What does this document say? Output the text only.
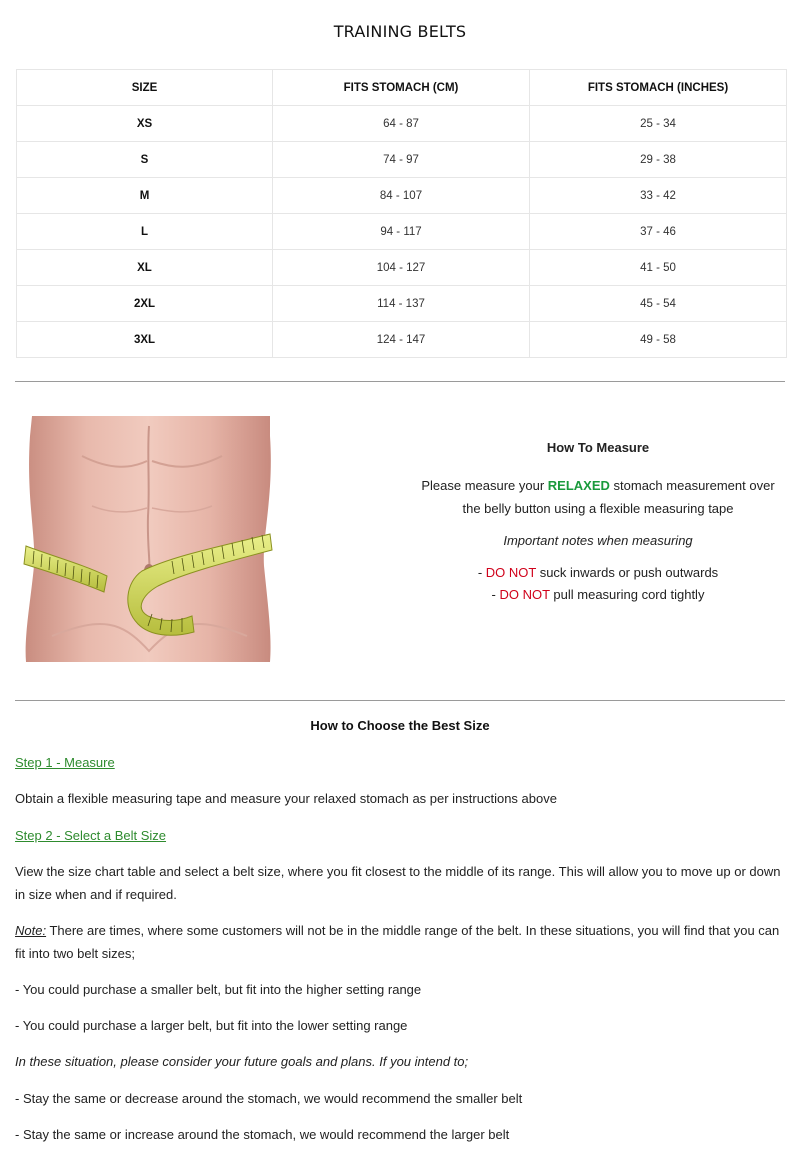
TRAINING BELTS
SIZE	FITS STOMACH (CM)	FITS STOMACH (INCHES)
XS	64 - 87	25 - 34
S	74 - 97	29 - 38
M	84 - 107	33 - 42
L	94 - 117	37 - 46
XL	104 - 127	41 - 50
2XL	114 - 137	45 - 54
3XL	124 - 147	49 - 58
How To Measure
Please measure your RELAXED stomach measurement over
the belly button using a flexible measuring tape
Important notes when measuring
- DO NOT suck inwards or push outwards
- DO NOT pull measuring cord tightly
How to Choose the Best Size
Step 1 - Measure
Obtain a flexible measuring tape and measure your relaxed stomach as per instructions above
Step 2 - Select a Belt Size
View the size chart table and select a belt size, where you fit closest to the middle of its range. This will allow you to move up or down in size when and if required.
Note: There are times, where some customers will not be in the middle range of the belt. In these situations, you will find that you can fit into two belt sizes;
- You could purchase a smaller belt, but fit into the higher setting range
- You could purchase a larger belt, but fit into the lower setting range
In these situation, please consider your future goals and plans. If you intend to;
- Stay the same or decrease around the stomach, we would recommend the smaller belt
- Stay the same or increase around the stomach, we would recommend the larger belt
